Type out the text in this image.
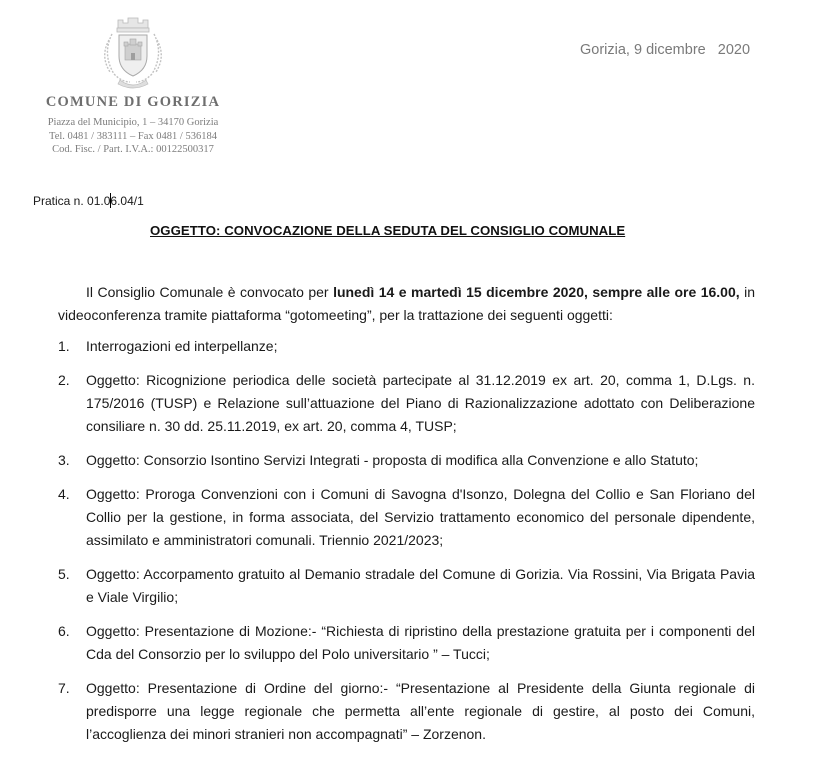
COMUNE DI GORIZIA
Piazza del Municipio, 1 – 34170 Gorizia
Tel. 0481 / 383111 – Fax 0481 / 536184
Cod. Fisc. / Part. I.V.A.: 00122500317
Gorizia, 9 dicembre   2020
Pratica n. 01.06.04/1
OGGETTO: CONVOCAZIONE DELLA SEDUTA DEL CONSIGLIO COMUNALE

Il Consiglio Comunale è convocato per lunedì 14 e martedì 15 dicembre 2020, sempre alle ore 16.00, in videoconferenza tramite piattaforma “gotomeeting”, per la trattazione dei seguenti oggetti:

1. Interrogazioni ed interpellanze;
2. Oggetto: Ricognizione periodica delle società partecipate al 31.12.2019 ex art. 20, comma 1, D.Lgs. n. 175/2016 (TUSP) e Relazione sull’attuazione del Piano di Razionalizzazione adottato con Deliberazione consiliare n. 30 dd. 25.11.2019, ex art. 20, comma 4, TUSP;
3. Oggetto: Consorzio Isontino Servizi Integrati - proposta di modifica alla Convenzione e allo Statuto;
4. Oggetto: Proroga Convenzioni con i Comuni di Savogna d'Isonzo, Dolegna del Collio e San Floriano del Collio per la gestione, in forma associata, del Servizio trattamento economico del personale dipendente, assimilato e amministratori comunali. Triennio 2021/2023;
5. Oggetto: Accorpamento gratuito al Demanio stradale del Comune di Gorizia. Via Rossini, Via Brigata Pavia e Viale Virgilio;
6. Oggetto: Presentazione di Mozione:- “Richiesta di ripristino della prestazione gratuita per i componenti del Cda del Consorzio per lo sviluppo del Polo universitario ” – Tucci;
7. Oggetto: Presentazione di Ordine del giorno:- “Presentazione al Presidente della Giunta regionale di predisporre una legge regionale che permetta all’ente regionale di gestire, al posto dei Comuni, l’accoglienza dei minori stranieri non accompagnati” – Zorzenon.
